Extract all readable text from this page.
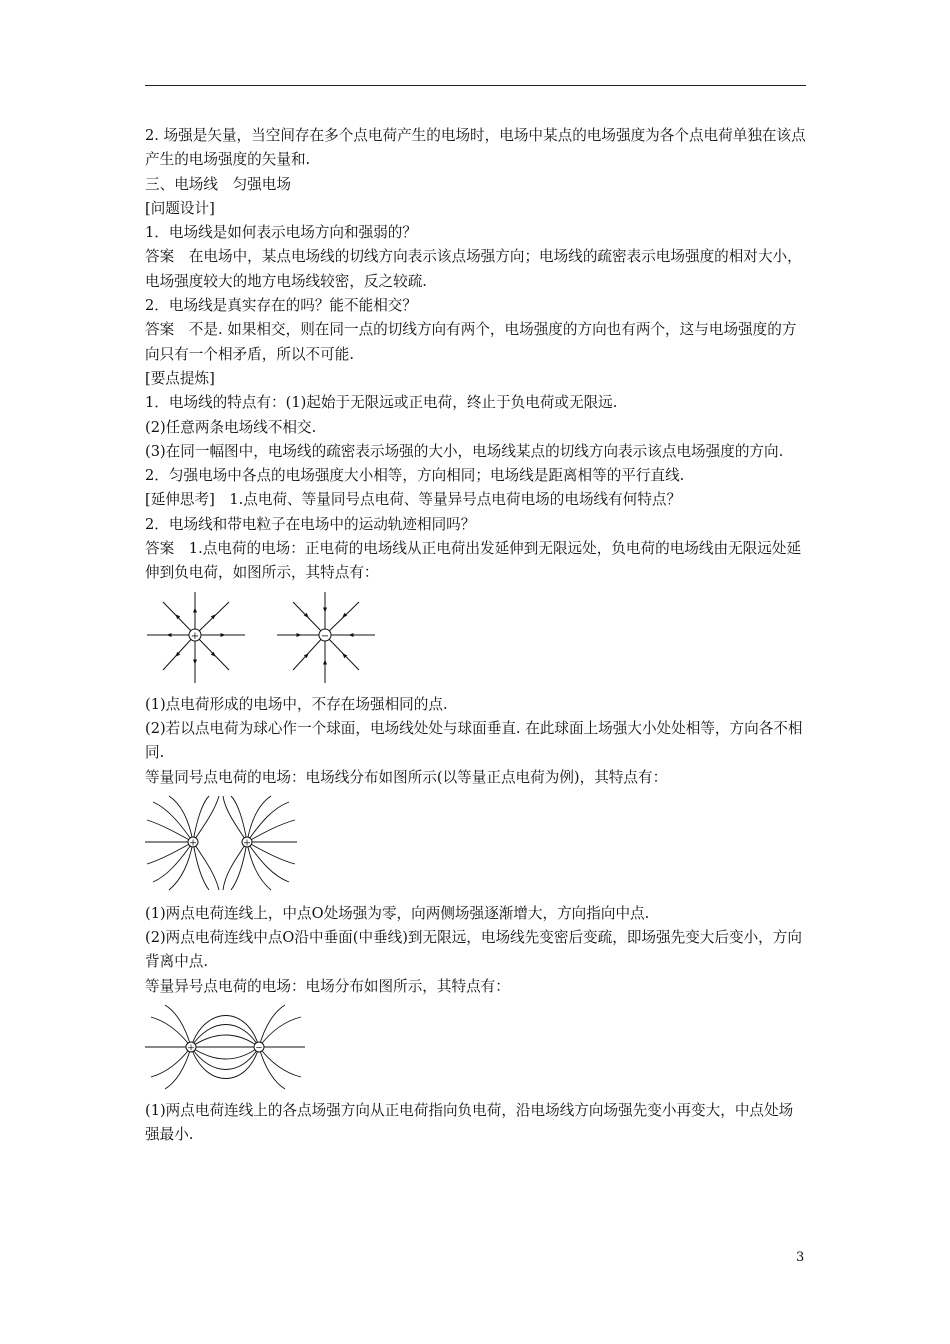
2. 场强是矢量，当空间存在多个点电荷产生的电场时，电场中某点的电场强度为各个点电荷单独在该点产生的电场强度的矢量和.

三、电场线　匀强电场

[问题设计]

1．电场线是如何表示电场方向和强弱的？

答案　在电场中，某点电场线的切线方向表示该点场强方向；电场线的疏密表示电场强度的相对大小，电场强度较大的地方电场线较密，反之较疏.

2．电场线是真实存在的吗？能不能相交？

答案　不是. 如果相交，则在同一点的切线方向有两个，电场强度的方向也有两个，这与电场强度的方向只有一个相矛盾，所以不可能.

[要点提炼]

1．电场线的特点有：(1)起始于无限远或正电荷，终止于负电荷或无限远.

(2)任意两条电场线不相交.

(3)在同一幅图中，电场线的疏密表示场强的大小，电场线某点的切线方向表示该点电场强度的方向.

2．匀强电场中各点的电场强度大小相等，方向相同；电场线是距离相等的平行直线.

[延伸思考]　1.点电荷、等量同号点电荷、等量异号点电荷电场的电场线有何特点？

2．电场线和带电粒子在电场中的运动轨迹相同吗？

答案　1.点电荷的电场：正电荷的电场线从正电荷出发延伸到无限远处，负电荷的电场线由无限远处延伸到负电荷，如图所示，其特点有：

+	−

(1)点电荷形成的电场中，不存在场强相同的点.

(2)若以点电荷为球心作一个球面，电场线处处与球面垂直. 在此球面上场强大小处处相等，方向各不相同.

等量同号点电荷的电场：电场线分布如图所示(以等量正点电荷为例)，其特点有：

+	+

(1)两点电荷连线上，中点O处场强为零，向两侧场强逐渐增大，方向指向中点.

(2)两点电荷连线中点O沿中垂面(中垂线)到无限远，电场线先变密后变疏，即场强先变大后变小，方向背离中点.

等量异号点电荷的电场：电场分布如图所示，其特点有：

+	−

(1)两点电荷连线上的各点场强方向从正电荷指向负电荷，沿电场线方向场强先变小再变大，中点处场强最小.

3
